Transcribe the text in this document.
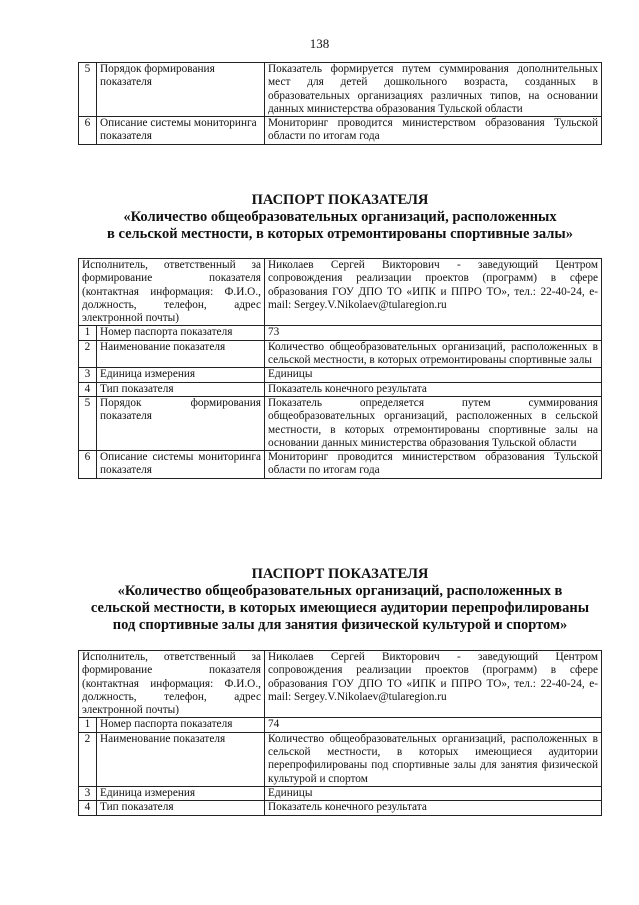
138
5	Порядок формирования показателя	Показатель формируется путем суммирования дополнительных мест для детей дошкольного возраста, созданных в образовательных организациях различных типов, на основании данных министерства образования Тульской области
6	Описание системы мониторинга показателя	Мониторинг проводится министерством образования Тульской области по итогам года
ПАСПОРТ ПОКАЗАТЕЛЯ
«Количество общеобразовательных организаций, расположенных
в сельской местности, в которых отремонтированы спортивные залы»
Исполнитель, ответственный за формирование показателя (контактная информация: Ф.И.О., должность, телефон, адрес электронной почты)		Николаев Сергей Викторович - заведующий Центром сопровождения реализации проектов (программ) в сфере образования ГОУ ДПО ТО «ИПК и ППРО ТО», тел.: 22-40-24, e-mail: Sergey.V.Nikolaev@tularegion.ru
1	Номер паспорта показателя	73
2	Наименование показателя	Количество общеобразовательных организаций, расположенных в сельской местности, в которых отремонтированы спортивные залы
3	Единица измерения	Единицы
4	Тип показателя	Показатель конечного результата
5	Порядок формирования показателя	Показатель определяется путем суммирования общеобразовательных организаций, расположенных в сельской местности, в которых отремонтированы спортивные залы на основании данных министерства образования Тульской области
6	Описание системы мониторинга показателя	Мониторинг проводится министерством образования Тульской области по итогам года
ПАСПОРТ ПОКАЗАТЕЛЯ
«Количество общеобразовательных организаций, расположенных в
сельской местности, в которых имеющиеся аудитории перепрофилированы
под спортивные залы для занятия физической культурой и спортом»
Исполнитель, ответственный за формирование показателя (контактная информация: Ф.И.О., должность, телефон, адрес электронной почты)		Николаев Сергей Викторович - заведующий Центром сопровождения реализации проектов (программ) в сфере образования ГОУ ДПО ТО «ИПК и ППРО ТО», тел.: 22-40-24, e-mail: Sergey.V.Nikolaev@tularegion.ru
1	Номер паспорта показателя	74
2	Наименование показателя	Количество общеобразовательных организаций, расположенных в сельской местности, в которых имеющиеся аудитории перепрофилированы под спортивные залы для занятия физической культурой и спортом
3	Единица измерения	Единицы
4	Тип показателя	Показатель конечного результата
